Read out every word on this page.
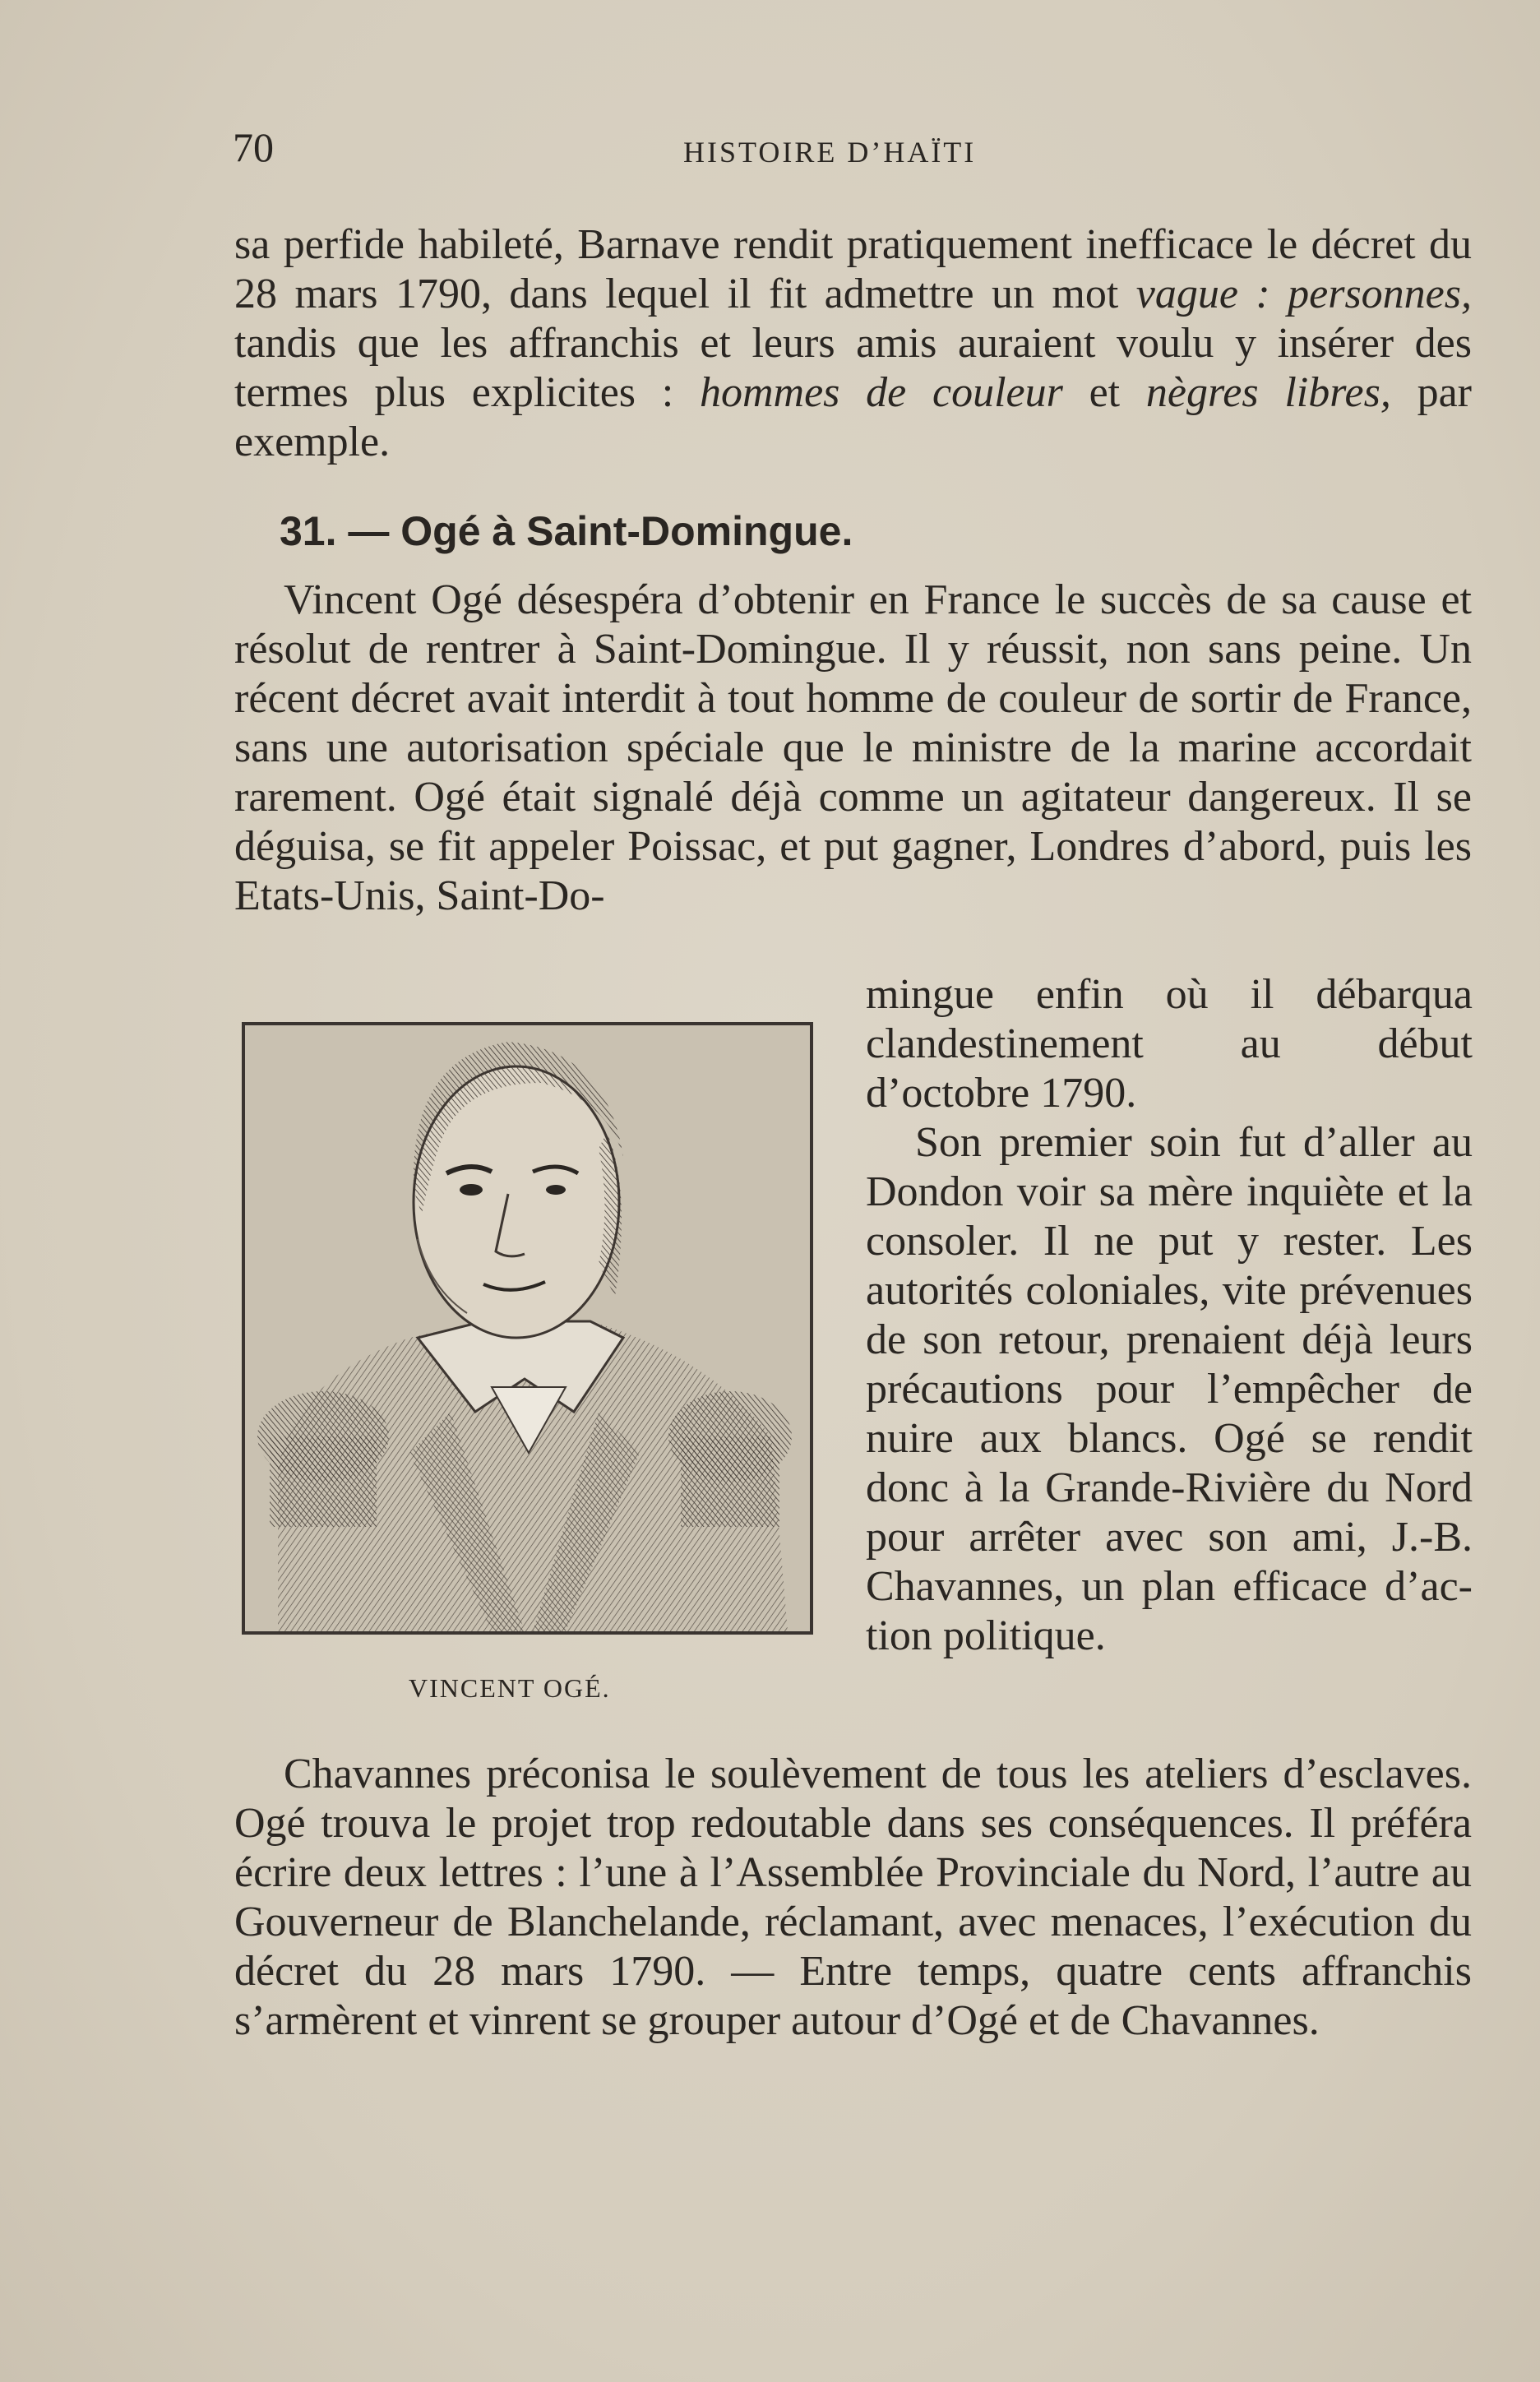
70	HISTOIRE D’HAÏTI

sa perfide habileté, Barnave rendit pratiquement inefficace le décret du 28 mars 1790, dans lequel il fit admettre un mot vague : personnes, tandis que les affranchis et leurs amis auraient voulu y insérer des termes plus explicites : hommes de couleur et nègres libres, par exemple.

31. — Ogé à Saint-Domingue.

Vincent Ogé désespéra d’obtenir en France le succès de sa cause et résolut de rentrer à Saint-Domingue. Il y réussit, non sans peine. Un récent décret avait interdit à tout homme de couleur de sortir de France, sans une autorisation spéciale que le ministre de la marine accordait rarement. Ogé était signalé déjà comme un agitateur dangereux. Il se déguisa, se fit appeler Poissac, et put gagner, Londres d’abord, puis les Etats-Unis, Saint-Do-

VINCENT OGÉ.

mingue enfin où il débarqua clandestinement au début d’octobre 1790.

Son premier soin fut d’aller au Dondon voir sa mère inquiète et la consoler. Il ne put y rester. Les autorités coloniales, vite prévenues de son retour, prenaient déjà leurs précautions pour l’empêcher de nuire aux blancs. Ogé se rendit donc à la Grande-Rivière du Nord pour arrêter avec son ami, J.-B. Chavannes, un plan efficace d’action politique.

Chavannes préconisa le soulèvement de tous les ateliers d’esclaves. Ogé trouva le projet trop redoutable dans ses conséquences. Il préféra écrire deux lettres : l’une à l’Assemblée Provinciale du Nord, l’autre au Gouverneur de Blanchelande, réclamant, avec menaces, l’exécution du décret du 28 mars 1790. — Entre temps, quatre cents affranchis s’armèrent et vinrent se grouper autour d’Ogé et de Chavannes.
